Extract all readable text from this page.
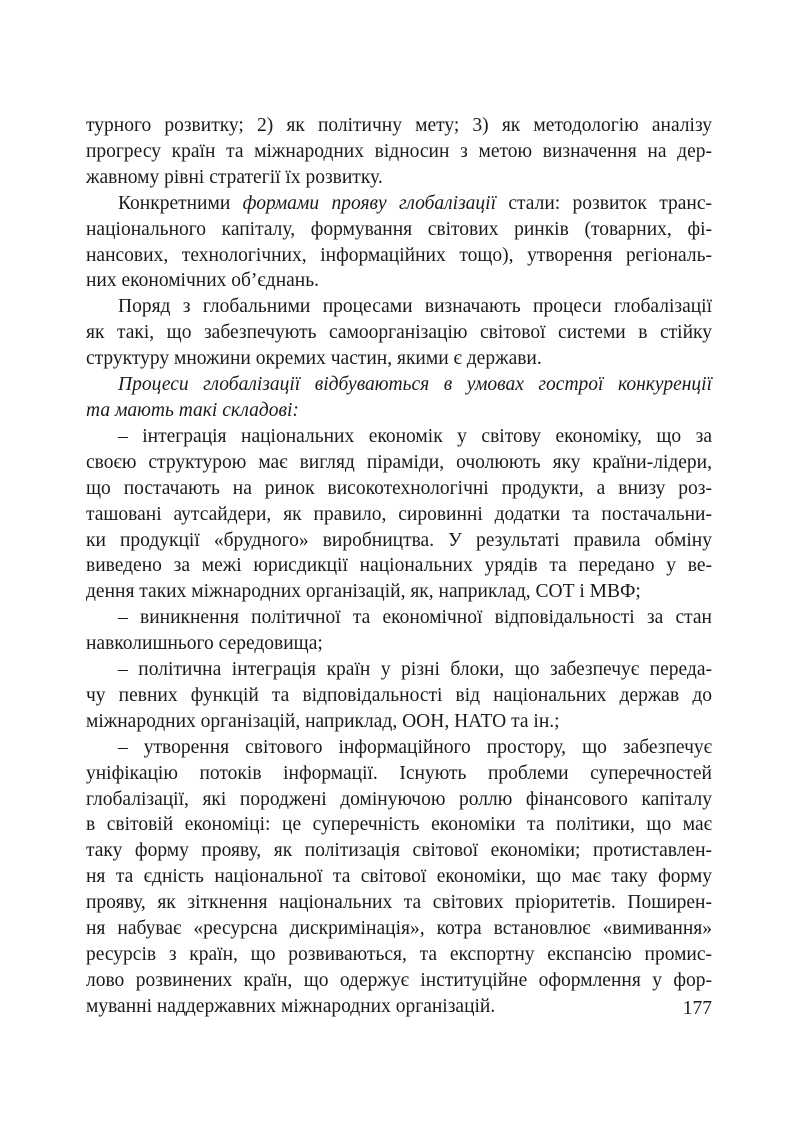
турного розвитку; 2) як політичну мету; 3) як методологію аналізу
прогресу країн та міжнародних відносин з метою визначення на дер-
жавному рівні стратегії їх розвитку.

Конкретними формами прояву глобалізації стали: розвиток транс-
національного капіталу, формування світових ринків (товарних, фі-
нансових, технологічних, інформаційних тощо), утворення регіональ-
них економічних об’єднань.

Поряд з глобальними процесами визначають процеси глобалізації
як такі, що забезпечують самоорганізацію світової системи в стійку
структуру множини окремих частин, якими є держави.

Процеси глобалізації відбуваються в умовах гострої конкуренції
та мають такі складові:

– інтеграція національних економік у світову економіку, що за
своєю структурою має вигляд піраміди, очолюють яку країни-лідери,
що постачають на ринок високотехнологічні продукти, а внизу роз-
ташовані аутсайдери, як правило, сировинні додатки та постачальни-
ки продукції «брудного» виробництва. У результаті правила обміну
виведено за межі юрисдикції національних урядів та передано у ве-
дення таких міжнародних організацій, як, наприклад, СОТ і МВФ;

– виникнення політичної та економічної відповідальності за стан
навколишнього середовища;

– політична інтеграція країн у різні блоки, що забезпечує переда-
чу певних функцій та відповідальності від національних держав до
міжнародних організацій, наприклад, ООН, НАТО та ін.;

– утворення світового інформаційного простору, що забезпечує
уніфікацію потоків інформації. Існують проблеми суперечностей
глобалізації, які породжені домінуючою роллю фінансового капіталу
в світовій економіці: це суперечність економіки та політики, що має
таку форму прояву, як політизація світової економіки; протиставлен-
ня та єдність національної та світової економіки, що має таку форму
прояву, як зіткнення національних та світових пріоритетів. Поширен-
ня набуває «ресурсна дискримінація», котра встановлює «вимивання»
ресурсів з країн, що розвиваються, та експортну експансію промис-
лово розвинених країн, що одержує інституційне оформлення у фор-
муванні наддержавних міжнародних організацій.	177
